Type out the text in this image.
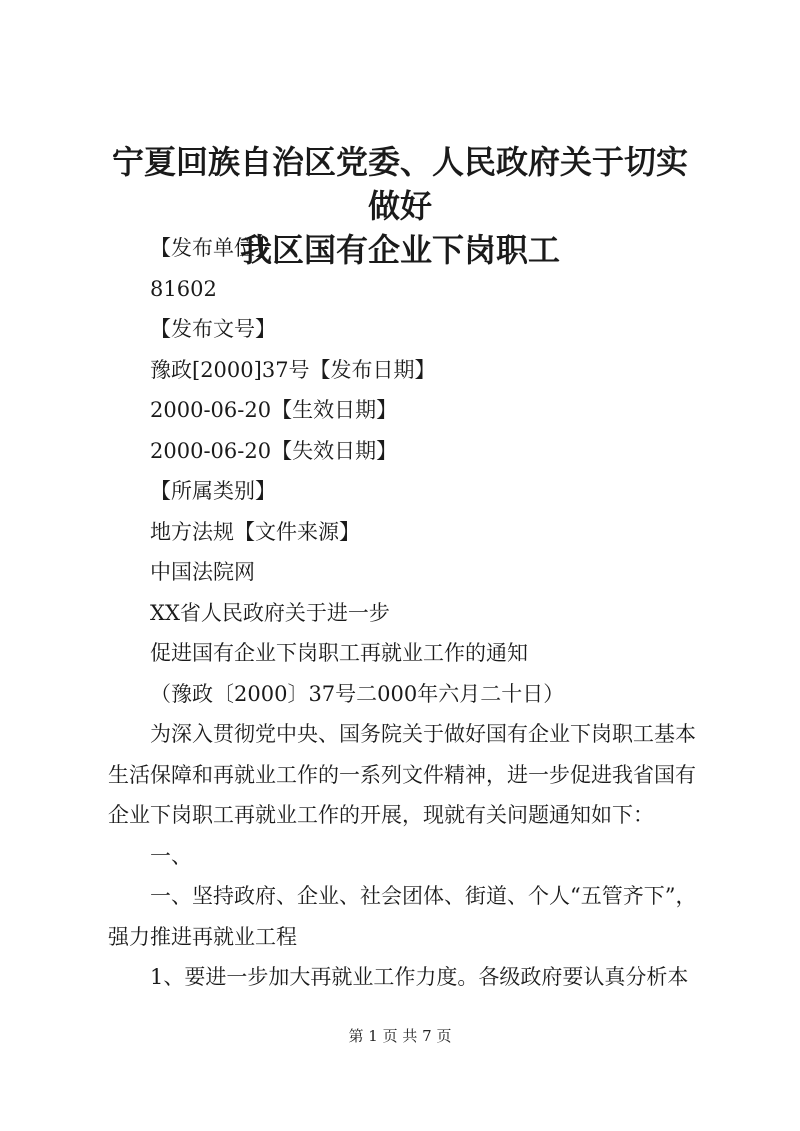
宁夏回族自治区党委、人民政府关于切实做好
我区国有企业下岗职工

【发布单位】

81602

【发布文号】

豫政[2000]37号【发布日期】

2000-06-20【生效日期】

2000-06-20【失效日期】

【所属类别】

地方法规【文件来源】

中国法院网

XX省人民政府关于进一步

促进国有企业下岗职工再就业工作的通知

（豫政〔2000〕37号二000年六月二十日）

为深入贯彻党中央、国务院关于做好国有企业下岗职工基本

生活保障和再就业工作的一系列文件精神，进一步促进我省国有

企业下岗职工再就业工作的开展，现就有关问题通知如下：

一、

一、坚持政府、企业、社会团体、街道、个人“五管齐下”，

强力推进再就业工程

1、要进一步加大再就业工作力度。各级政府要认真分析本

第 1 页 共 7 页
